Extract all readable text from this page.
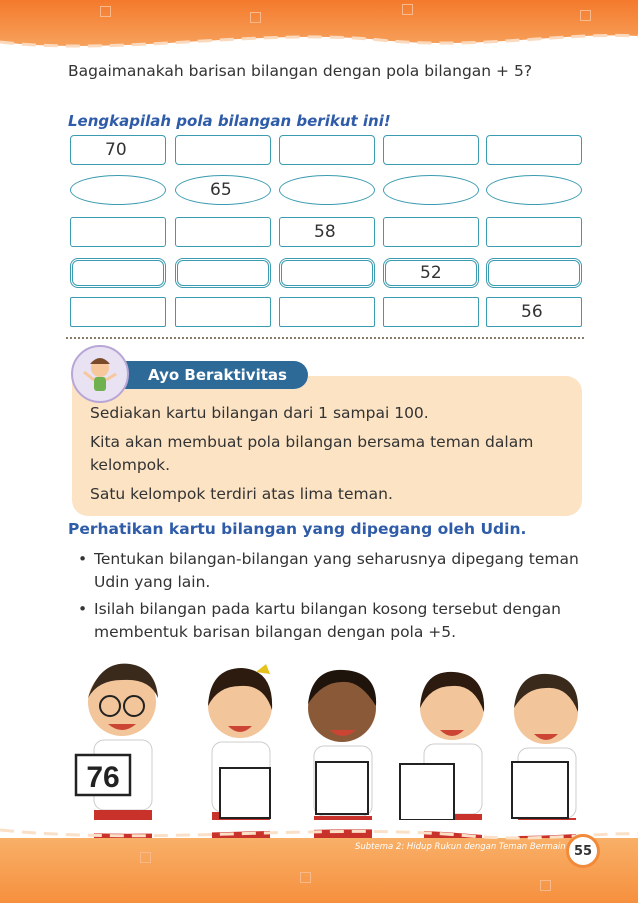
Bagaimanakah barisan bilangan dengan pola bilangan + 5?
Lengkapilah pola bilangan berikut ini!
70
65
58
52
56
Ayo Beraktivitas

Sediakan kartu bilangan dari 1 sampai 100.

Kita akan membuat pola bilangan bersama teman dalam kelompok.

Satu kelompok terdiri atas lima teman.

Perhatikan kartu bilangan yang dipegang oleh Udin.
• Tentukan bilangan-bilangan yang seharusnya dipegang teman Udin yang lain.
• Isilah bilangan pada kartu bilangan kosong tersebut dengan membentuk barisan bilangan dengan pola +5.
76
Subtema 2: Hidup Rukun dengan Teman Bermain 55
